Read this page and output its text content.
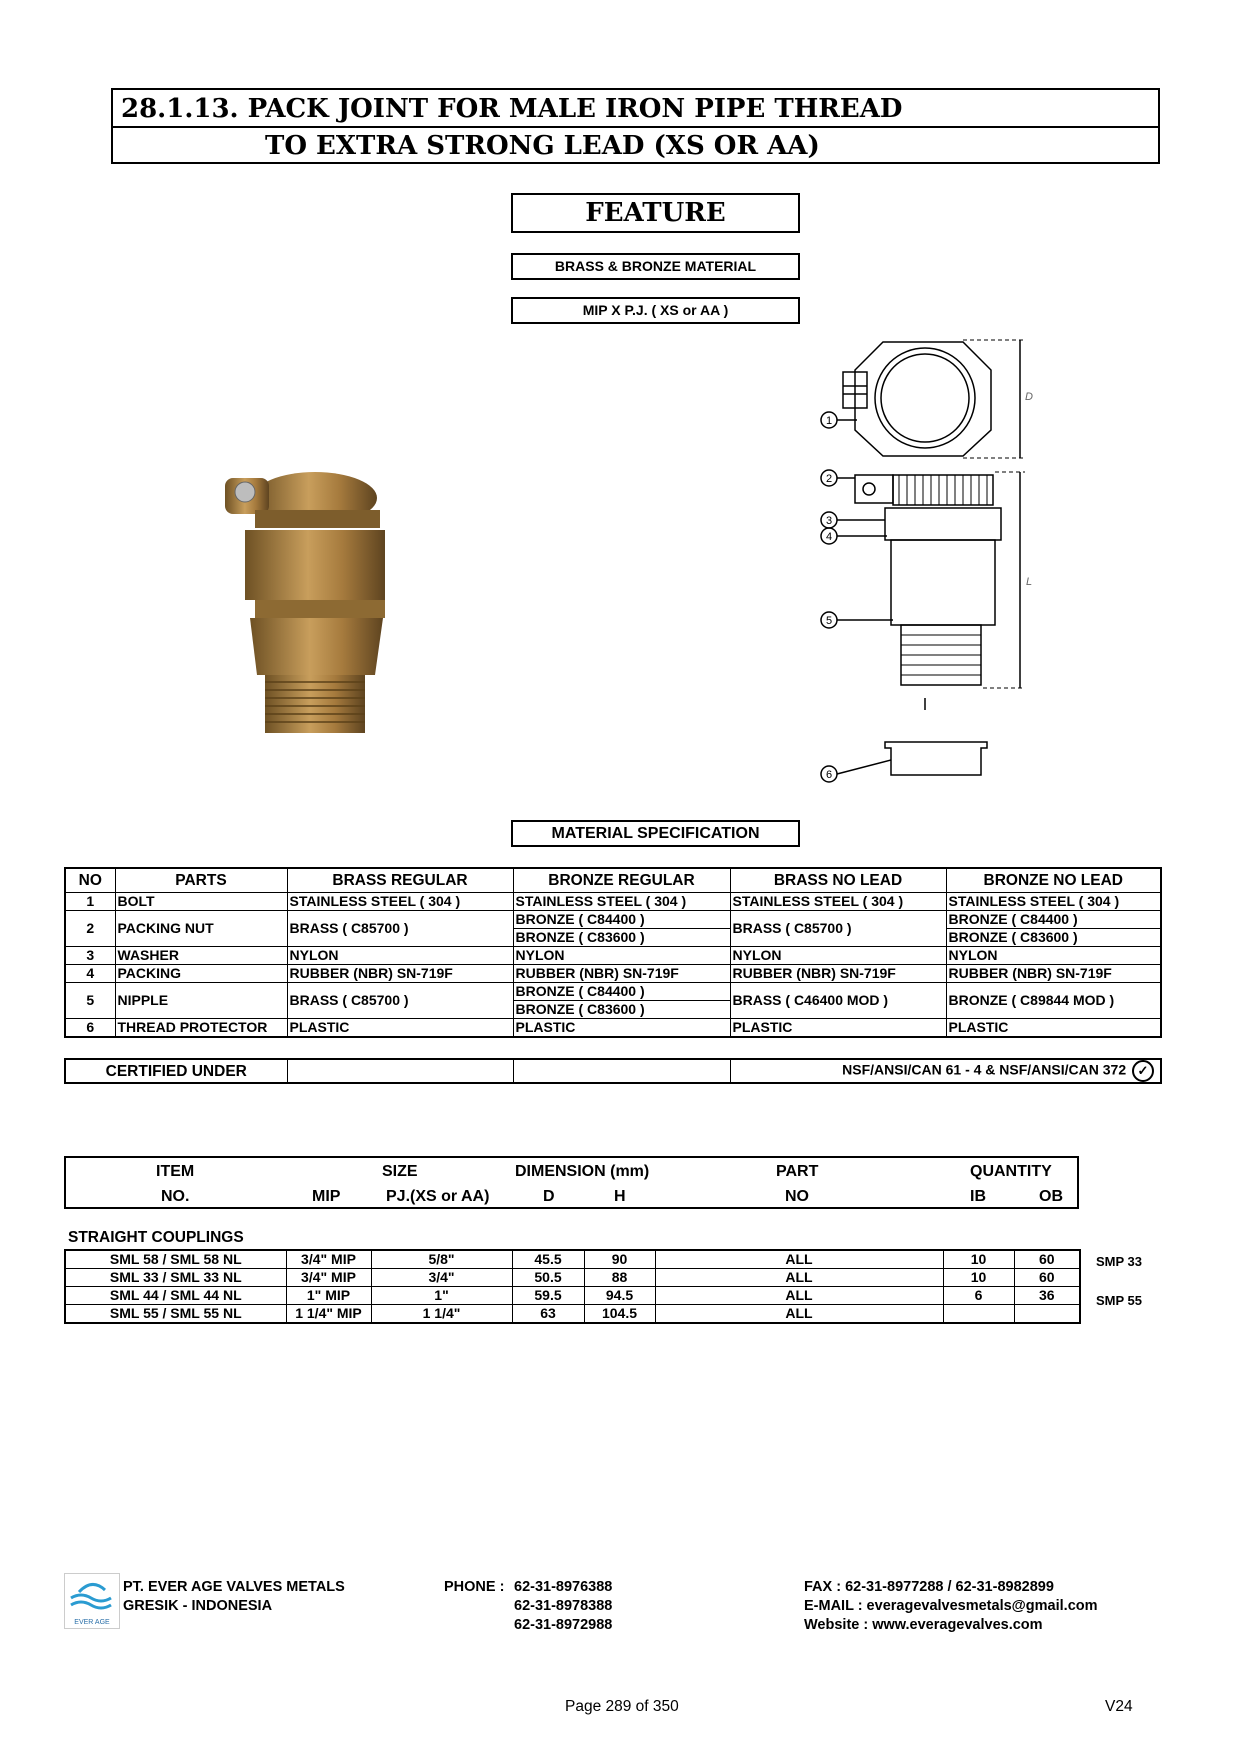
28.1.13. PACK JOINT FOR MALE IRON PIPE THREAD
TO EXTRA STRONG LEAD (XS OR AA)
FEATURE
BRASS & BRONZE MATERIAL
MIP X P.J. ( XS or AA )
1
2
3
4
5
6
D
L
MATERIAL SPECIFICATION
NO	PARTS	BRASS REGULAR	BRONZE REGULAR	BRASS NO LEAD	BRONZE NO LEAD
1	BOLT	STAINLESS STEEL ( 304 )	STAINLESS STEEL ( 304 )	STAINLESS STEEL ( 304 )	STAINLESS STEEL ( 304 )
2	PACKING NUT	BRASS ( C85700 )	BRONZE ( C84400 )	BRASS ( C85700 )	BRONZE ( C84400 )
			BRONZE ( C83600 )		BRONZE ( C83600 )
3	WASHER	NYLON	NYLON	NYLON	NYLON
4	PACKING	RUBBER (NBR) SN-719F	RUBBER (NBR) SN-719F	RUBBER (NBR) SN-719F	RUBBER (NBR) SN-719F
5	NIPPLE	BRASS ( C85700 )	BRONZE ( C84400 )	BRASS ( C46400 MOD )	BRONZE ( C89844 MOD )
			BRONZE ( C83600 )		
6	THREAD PROTECTOR	PLASTIC	PLASTIC	PLASTIC	PLASTIC
CERTIFIED UNDER			NSF/ANSI/CAN 61 - 4 & NSF/ANSI/CAN 372 ✓
ITEM	SIZE	DIMENSION (mm)	PART	QUANTITY
NO.	MIP	PJ.(XS or AA)	D	H	NO	IB	OB
STRAIGHT COUPLINGS
SML 58 / SML 58 NL	3/4" MIP	5/8"	45.5	90	ALL	10	60
SML 33 / SML 33 NL	3/4" MIP	3/4"	50.5	88	ALL	10	60
SML 44 / SML 44 NL	1" MIP	1"	59.5	94.5	ALL	6	36
SML 55 / SML 55 NL	1 1/4" MIP	1 1/4"	63	104.5	ALL		
SMP 33
SMP 55
EVER AGE
PT. EVER AGE VALVES METALS
GRESIK - INDONESIA
PHONE : 62-31-8976388
62-31-8978388
62-31-8972988
FAX : 62-31-8977288 / 62-31-8982899
E-MAIL : everagevalvesmetals@gmail.com
Website : www.everagevalves.com
Page 289 of 350	V24
